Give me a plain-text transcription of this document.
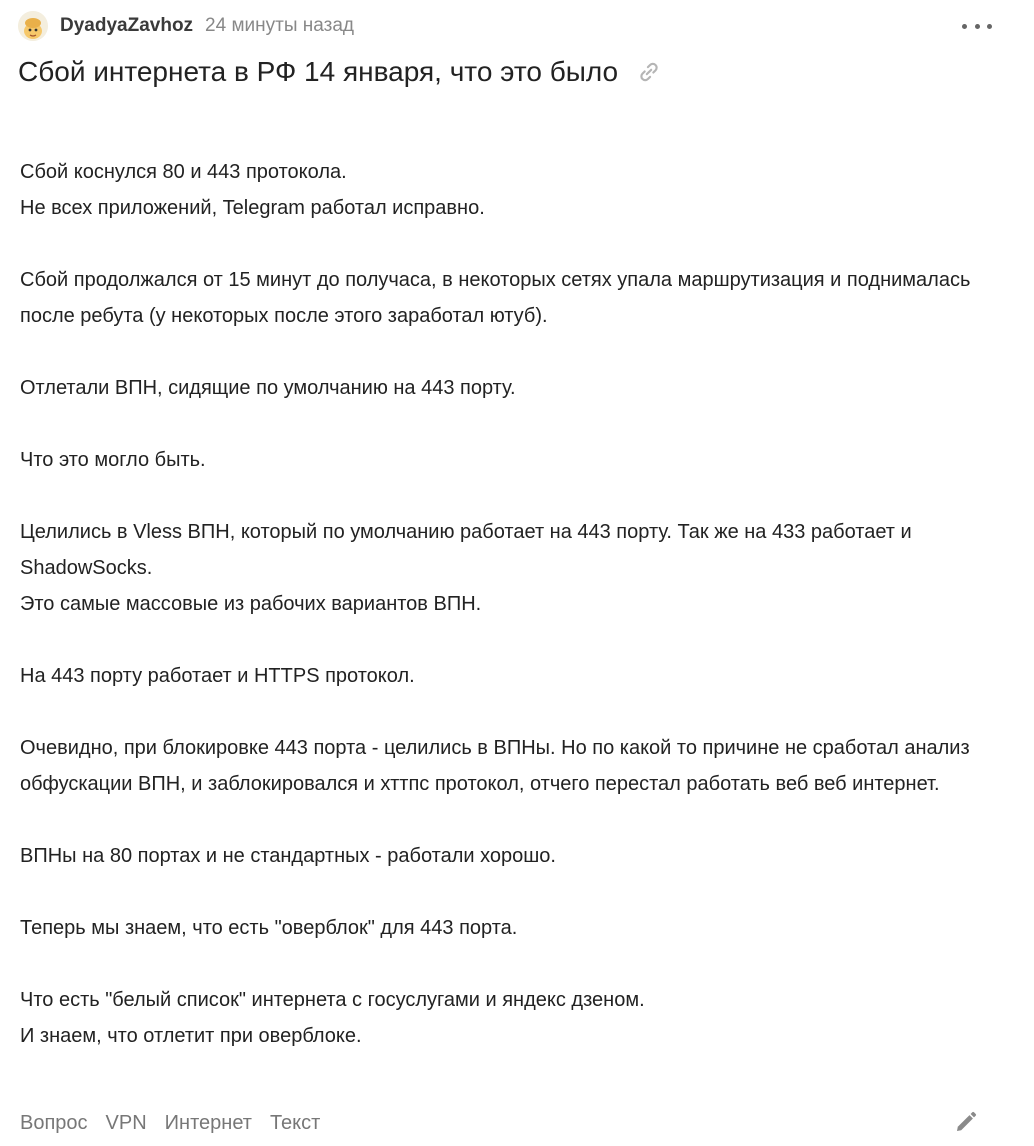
DyadyaZavhoz 24 минуты назад
Сбой интернета в РФ 14 января, что это было

Сбой коснулся 80 и 443 протокола.

Не всех приложений, Telegram работал исправно.

Сбой продолжался от 15 минут до получаса, в некоторых сетях упала маршрутизация и поднималась после ребута (у некоторых после этого заработал ютуб).

Отлетали ВПН, сидящие по умолчанию на 443 порту.

Что это могло быть.

Целились в Vless ВПН, который по умолчанию работает на 443 порту. Так же на 433 работает и ShadowSocks.

Это самые массовые из рабочих вариантов ВПН.

На 443 порту работает и HTTPS протокол.

Очевидно, при блокировке 443 порта - целились в ВПНы. Но по какой то причине не сработал анализ обфускации ВПН, и заблокировался и хттпс протокол, отчего перестал работать веб веб интернет.

ВПНы на 80 портах и не стандартных - работали хорошо.

Теперь мы знаем, что есть "оверблок" для 443 порта.

Что есть "белый список" интернета с госуслугами и яндекс дзеном.

И знаем, что отлетит при оверблоке.

Вопрос VPN Интернет Текст
